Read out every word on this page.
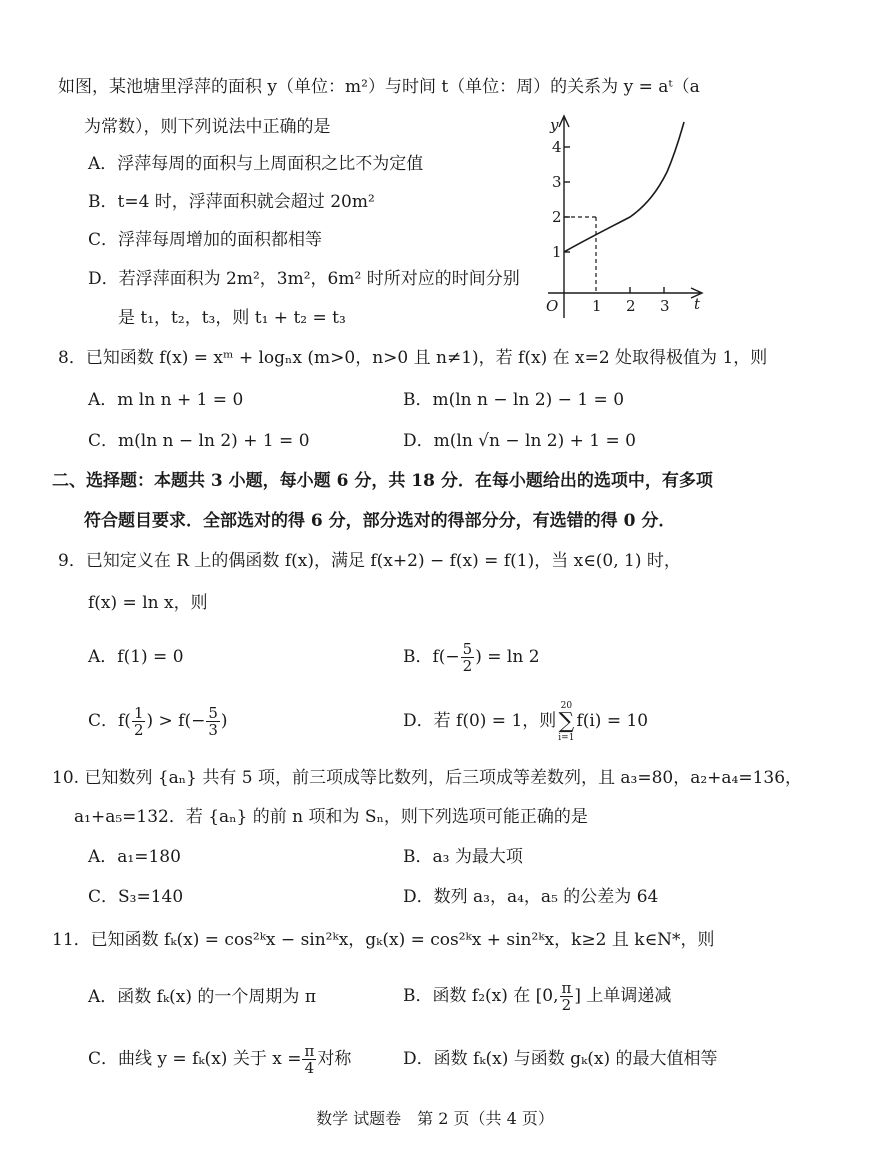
如图，某池塘里浮萍的面积 y（单位：m²）与时间 t（单位：周）的关系为 y = aᵗ（a
为常数），则下列说法中正确的是
A．浮萍每周的面积与上周面积之比不为定值
B．t=4 时，浮萍面积就会超过 20m²
C．浮萍每周增加的面积都相等
D．若浮萍面积为 2m²，3m²，6m² 时所对应的时间分别
是 t₁，t₂，t₃，则 t₁ + t₂ = t₃
y
t
O
1
2
3
4
1 2 3
8．已知函数 f(x) = xᵐ + logₙx (m>0，n>0 且 n≠1)，若 f(x) 在 x=2 处取得极值为 1，则
A．m ln n + 1 = 0	B．m(ln n − ln 2) − 1 = 0
C．m(ln n − ln 2) + 1 = 0	D．m(ln √n − ln 2) + 1 = 0
二、选择题：本题共 3 小题，每小题 6 分，共 18 分．在每小题给出的选项中，有多项
符合题目要求．全部选对的得 6 分，部分选对的得部分分，有选错的得 0 分．
9．已知定义在 R 上的偶函数 f(x)，满足 f(x+2) − f(x) = f(1)，当 x∈(0, 1) 时，
f(x) = ln x，则
A．f(1) = 0	B．$f(- \frac{5}{2}$ ) = ln 2
C．$f( \frac{1}{2}$ ) > $f(- \frac{5}{3}$ )	D．若 f(0) = 1，则
20
∑
i=1
f(i) = 10
10. 已知数列 {aₙ} 共有 5 项，前三项成等比数列，后三项成等差数列，且 a₃=80，a₂+a₄=136，
a₁+a₅=132．若 {aₙ} 的前 n 项和为 Sₙ，则下列选项可能正确的是
A．a₁=180	B．a₃ 为最大项
C．S₃=140	D．数列 a₃，a₄，a₅ 的公差为 64
11．已知函数 fₖ(x) = cos²ᵏx − sin²ᵏx，gₖ(x) = cos²ᵏx + sin²ᵏx，k≥2 且 k∈N*，则
A．函数 fₖ(x) 的一个周期为 π	B．函数 f₂(x) 在 [0, $\frac{\pi}{2}$ ] 上单调递减
C．曲线 y = fₖ(x) 关于 $x = \frac{\pi}{4}$ 对称	D．函数 fₖ(x) 与函数 gₖ(x) 的最大值相等
数学 试题卷　第 2 页（共 4 页）
